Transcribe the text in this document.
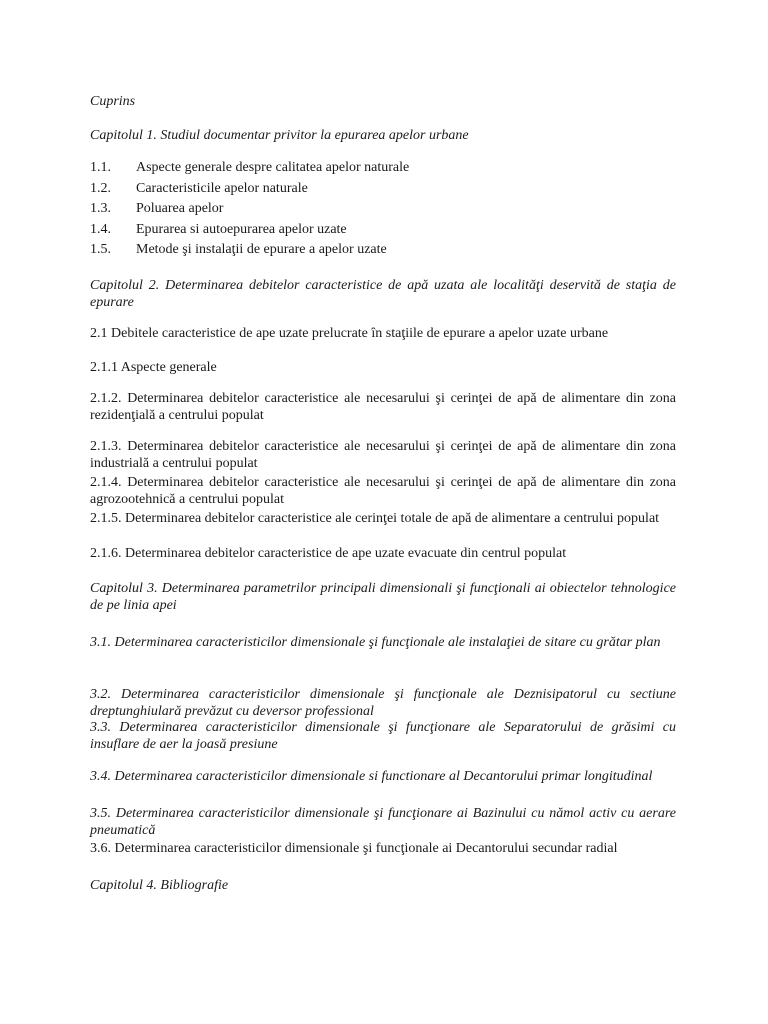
Cuprins

Capitolul 1. Studiul documentar privitor la epurarea apelor urbane

1.1.	Aspecte generale despre calitatea apelor naturale
1.2.	Caracteristicile apelor naturale
1.3.	Poluarea apelor
1.4.	Epurarea si autoepurarea apelor uzate
1.5.	Metode şi instalaţii de epurare a apelor uzate

Capitolul 2. Determinarea debitelor caracteristice de apă uzata ale localităţi deservită de staţia de epurare

2.1 Debitele caracteristice de ape uzate prelucrate în staţiile de epurare a apelor uzate urbane

2.1.1 Aspecte generale

2.1.2. Determinarea debitelor caracteristice ale necesarului şi cerinţei de apă de alimentare din zona rezidenţială a centrului populat

2.1.3. Determinarea debitelor caracteristice ale necesarului şi cerinţei de apă de alimentare din zona industrială a centrului populat

2.1.4. Determinarea debitelor caracteristice ale necesarului şi cerinţei de apă de alimentare din zona agrozootehnică a centrului populat

2.1.5. Determinarea debitelor caracteristice ale cerinţei totale de apă de alimentare a centrului populat

2.1.6. Determinarea debitelor caracteristice de ape uzate evacuate din centrul populat

Capitolul 3. Determinarea parametrilor principali dimensionali şi funcţionali ai obiectelor tehnologice de pe linia apei

3.1. Determinarea caracteristicilor dimensionale şi funcţionale ale instalaţiei de sitare cu grătar plan

3.2. Determinarea caracteristicilor dimensionale şi funcţionale ale Deznisipatorul cu sectiune dreptunghiulară prevăzut cu deversor professional

3.3. Determinarea caracteristicilor dimensionale şi funcţionare ale Separatorului de grăsimi cu insuflare de aer la joasă presiune

3.4. Determinarea caracteristicilor dimensionale si functionare al Decantorului primar longitudinal

3.5. Determinarea caracteristicilor dimensionale şi funcţionare ai Bazinului cu nămol activ cu aerare pneumatică

3.6. Determinarea caracteristicilor dimensionale şi funcţionale ai Decantorului secundar radial

Capitolul 4. Bibliografie
